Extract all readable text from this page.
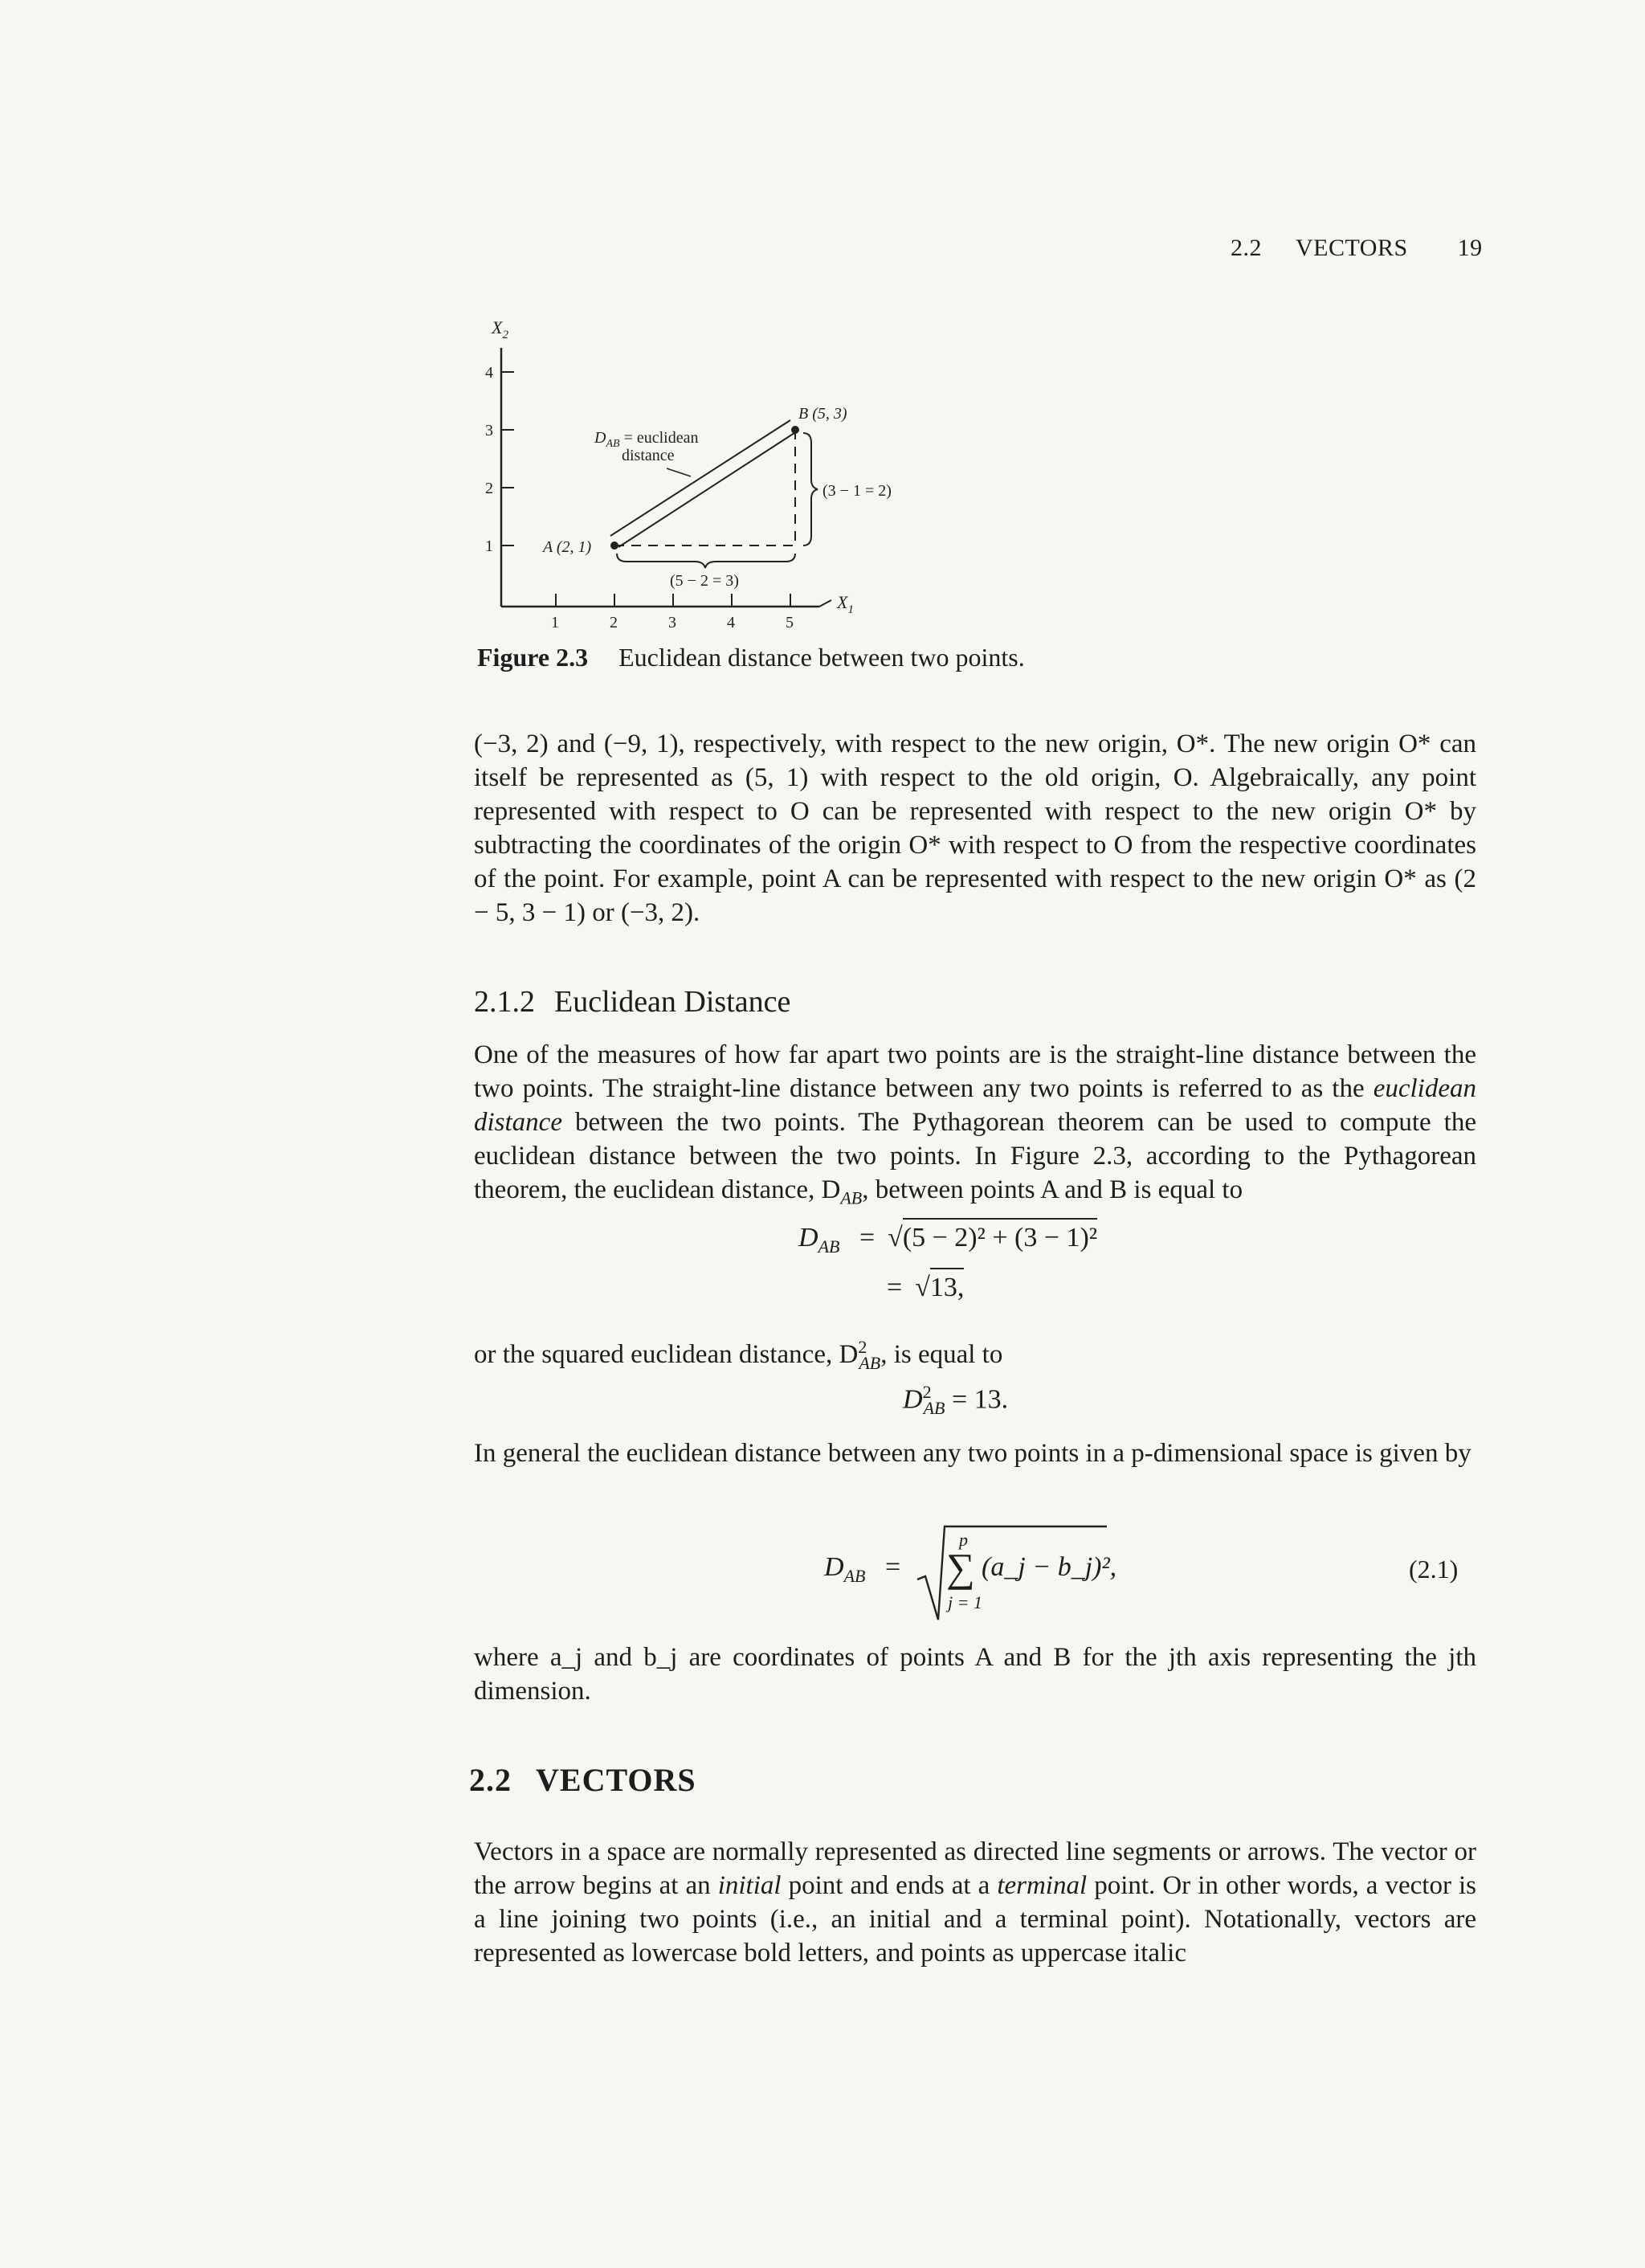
2.2 VECTORS 19
$X_2$
$X_1$
1
2
3
4
1	2	3	4	5
A (2, 1)
B (5, 3)
$D_{AB}$ = euclidean
distance
(5 − 2 = 3)
(3 − 1 = 2)
Figure 2.3 Euclidean distance between two points.

(−3, 2) and (−9, 1), respectively, with respect to the new origin, O*. The new origin O* can itself be represented as (5, 1) with respect to the old origin, O. Algebraically, any point represented with respect to O can be represented with respect to the new origin O* by subtracting the coordinates of the origin O* with respect to O from the respective coordinates of the point. For example, point A can be represented with respect to the new origin O* as (2 − 5, 3 − 1) or (−3, 2).

2.1.2 Euclidean Distance

One of the measures of how far apart two points are is the straight-line distance between the two points. The straight-line distance between any two points is referred to as the euclidean distance between the two points. The Pythagorean theorem can be used to compute the euclidean distance between the two points. In Figure 2.3, according to the Pythagorean theorem, the euclidean distance, $D_{AB}$, between points A and B is equal to

$D_{AB} = √(5 - 2)^2 + (3 - 1)^2$
= √13,

or the squared euclidean distance, $D^2_{AB}$, is equal to

$D^2_{AB} = 13$.

In general the euclidean distance between any two points in a p-dimensional space is given by

$D_{AB}$ =
p
∑
j = 1
(a_j − b_j)²,	(2.1)

where a_j and b_j are coordinates of points A and B for the jth axis representing the jth dimension.

2.2 VECTORS

Vectors in a space are normally represented as directed line segments or arrows. The vector or the arrow begins at an initial point and ends at a terminal point. Or in other words, a vector is a line joining two points (i.e., an initial and a terminal point). Notationally, vectors are represented as lowercase bold letters, and points as uppercase italic
